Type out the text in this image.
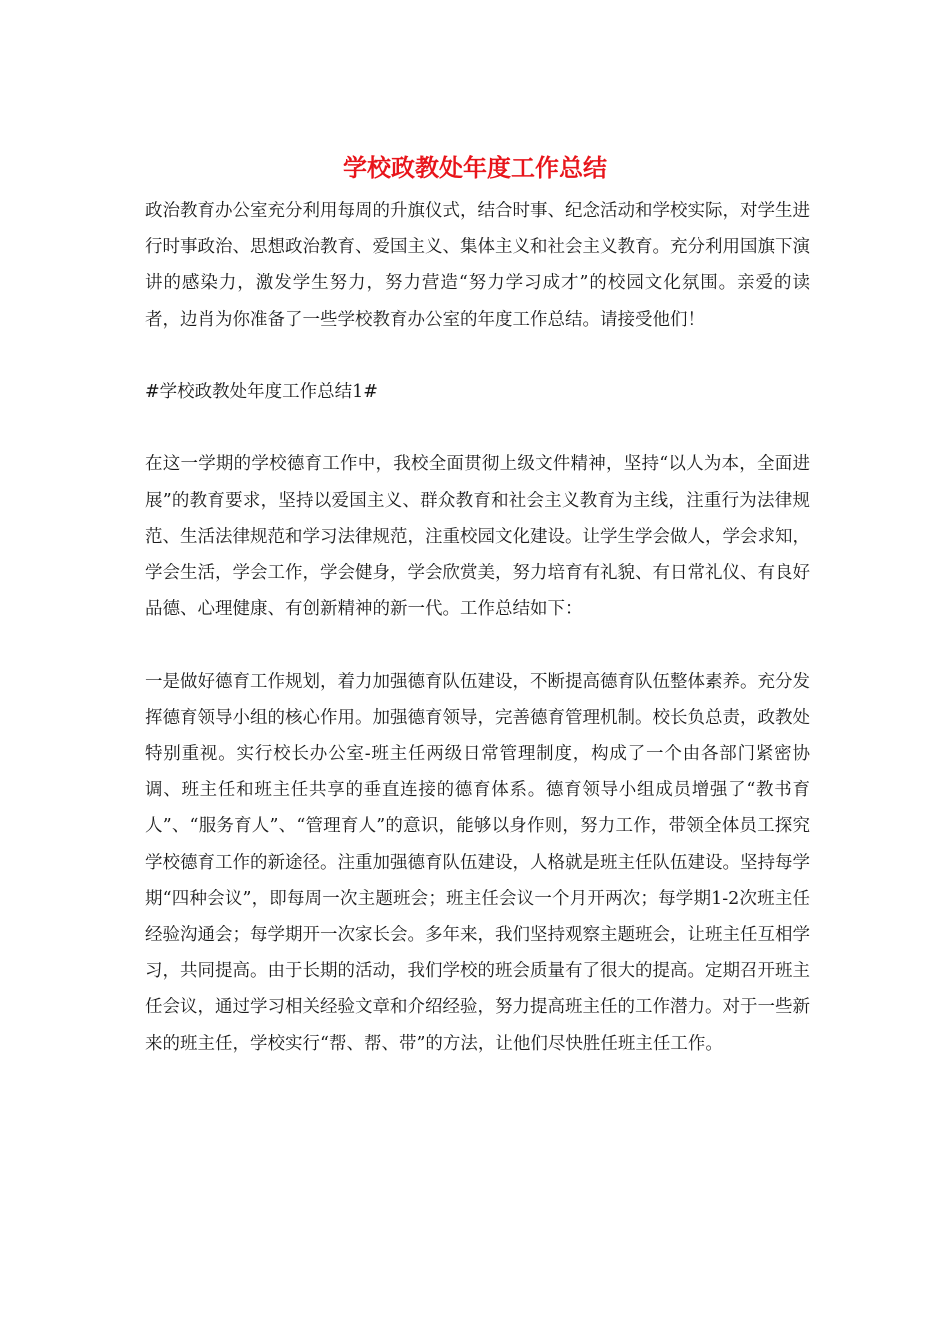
学校政教处年度工作总结

政治教育办公室充分利用每周的升旗仪式，结合时事、纪念活动和学校实际，对学生进行时事政治、思想政治教育、爱国主义、集体主义和社会主义教育。充分利用国旗下演讲的感染力，激发学生努力，努力营造“努力学习成才”的校园文化氛围。亲爱的读者，边肖为你准备了一些学校教育办公室的年度工作总结。请接受他们！

#学校政教处年度工作总结1#

在这一学期的学校德育工作中，我校全面贯彻上级文件精神，坚持“以人为本，全面进展”的教育要求，坚持以爱国主义、群众教育和社会主义教育为主线，注重行为法律规范、生活法律规范和学习法律规范，注重校园文化建设。让学生学会做人，学会求知，学会生活，学会工作，学会健身，学会欣赏美，努力培育有礼貌、有日常礼仪、有良好品德、心理健康、有创新精神的新一代。工作总结如下：

一是做好德育工作规划，着力加强德育队伍建设，不断提高德育队伍整体素养。充分发挥德育领导小组的核心作用。加强德育领导，完善德育管理机制。校长负总责，政教处特别重视。实行校长办公室-班主任两级日常管理制度，构成了一个由各部门紧密协调、班主任和班主任共享的垂直连接的德育体系。德育领导小组成员增强了“教书育人”、“服务育人”、“管理育人”的意识，能够以身作则，努力工作，带领全体员工探究学校德育工作的新途径。注重加强德育队伍建设，人格就是班主任队伍建设。坚持每学期“四种会议”，即每周一次主题班会；班主任会议一个月开两次；每学期1-2次班主任经验沟通会；每学期开一次家长会。多年来，我们坚持观察主题班会，让班主任互相学习，共同提高。由于长期的活动，我们学校的班会质量有了很大的提高。定期召开班主任会议，通过学习相关经验文章和介绍经验，努力提高班主任的工作潜力。对于一些新来的班主任，学校实行“帮、帮、带”的方法，让他们尽快胜任班主任工作。
